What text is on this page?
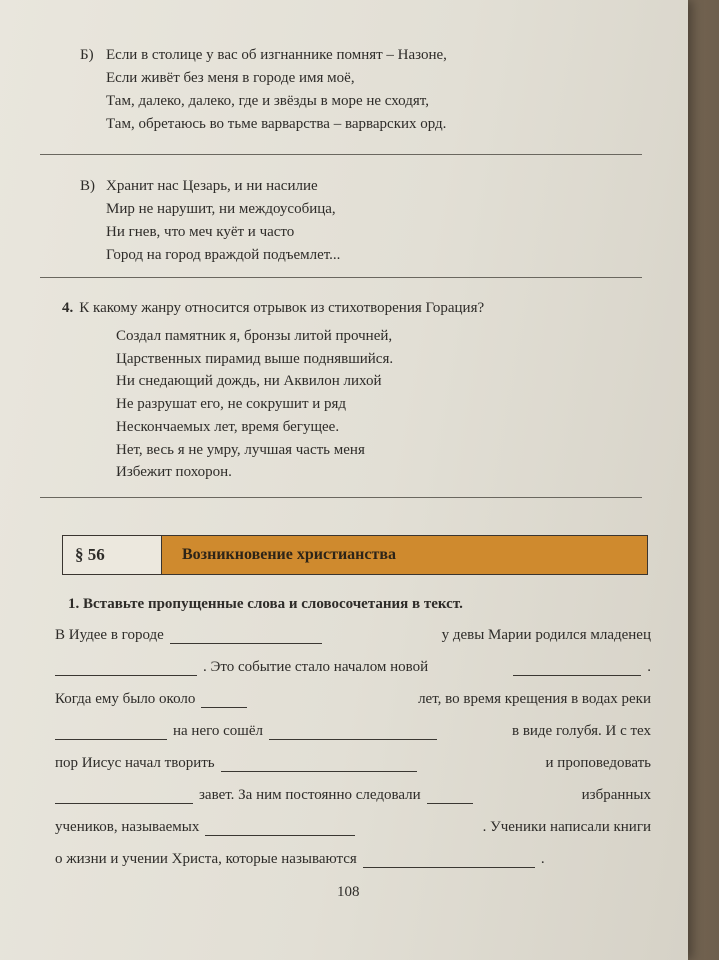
Б) Если в столице у вас об изгнаннике помнят – Назоне,
Если живёт без меня в городе имя моё,
Там, далеко, далеко, где и звёзды в море не сходят,
Там, обретаюсь во тьме варварства – варварских орд.
В) Хранит нас Цезарь, и ни насилие
Мир не нарушит, ни междоусобица,
Ни гнев, что меч куёт и часто
Город на город враждой подъемлет...
4. К какому жанру относится отрывок из стихотворения Горация?
Создал памятник я, бронзы литой прочней,
Царственных пирамид выше поднявшийся.
Ни снедающий дождь, ни Аквилон лихой
Не разрушат его, не сокрушит и ряд
Нескончаемых лет, время бегущее.
Нет, весь я не умру, лучшая часть меня
Избежит похорон.
§ 56	Возникновение христианства
1. Вставьте пропущенные слова и словосочетания в текст.
В Иудее в городе	у девы Марии родился младенец
. Это событие стало началом новой	.
Когда ему было около	лет, во время крещения в водах реки
на него сошёл	в виде голубя. И с тех
пор Иисус начал творить	и проповедовать
завет. За ним постоянно следовали	избранных
учеников, называемых	. Ученики написали книги
о жизни и учении Христа, которые называются	.
108
